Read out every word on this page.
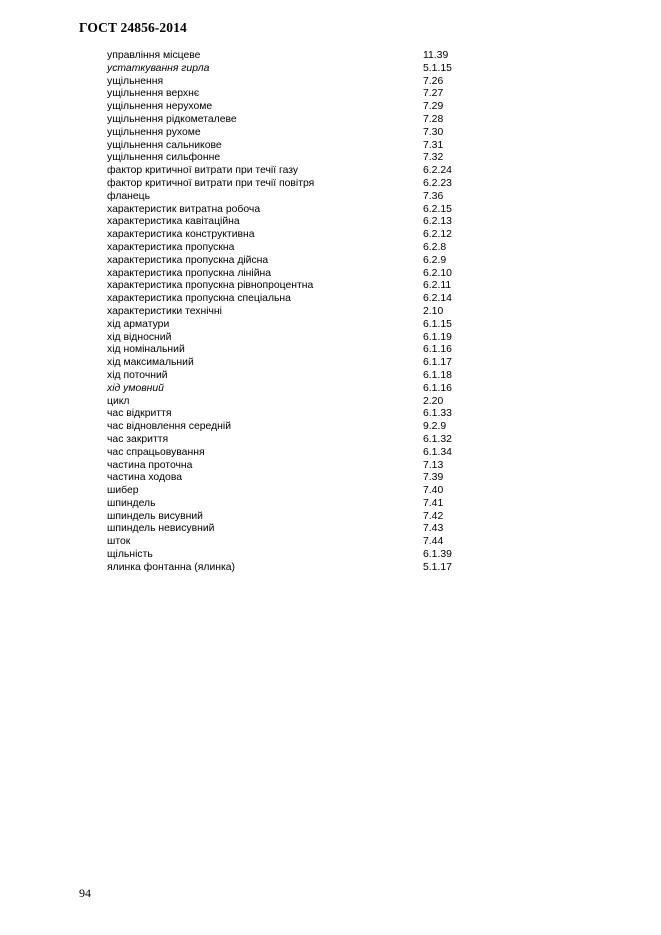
ГОСТ 24856-2014
управління місцеве	11.39
устаткування гирла	5.1.15
ущільнення	7.26
ущільнення верхнє	7.27
ущільнення нерухоме	7.29
ущільнення рідкометалеве	7.28
ущільнення рухоме	7.30
ущільнення сальникове	7.31
ущільнення сильфонне	7.32
фактор критичної витрати при течії газу	6.2.24
фактор критичної витрати при течії повітря	6.2.23
фланець	7.36
характеристик витратна робоча	6.2.15
характеристика кавітаційна	6.2.13
характеристика конструктивна	6.2.12
характеристика пропускна	6.2.8
характеристика пропускна дійсна	6.2.9
характеристика пропускна лінійна	6.2.10
характеристика пропускна рівнопроцентна	6.2.11
характеристика пропускна спеціальна	6.2.14
характеристики технічні	2.10
хід арматури	6.1.15
хід відносний	6.1.19
хід номінальний	6.1.16
хід максимальний	6.1.17
хід поточний	6.1.18
хід умовний	6.1.16
цикл	2.20
час відкриття	6.1.33
час відновлення середній	9.2.9
час закриття	6.1.32
час спрацьовування	6.1.34
частина проточна	7.13
частина ходова	7.39
шибер	7.40
шпиндель	7.41
шпиндель висувний	7.42
шпиндель невисувний	7.43
шток	7.44
щільність	6.1.39
ялинка фонтанна (ялинка)	5.1.17
94
